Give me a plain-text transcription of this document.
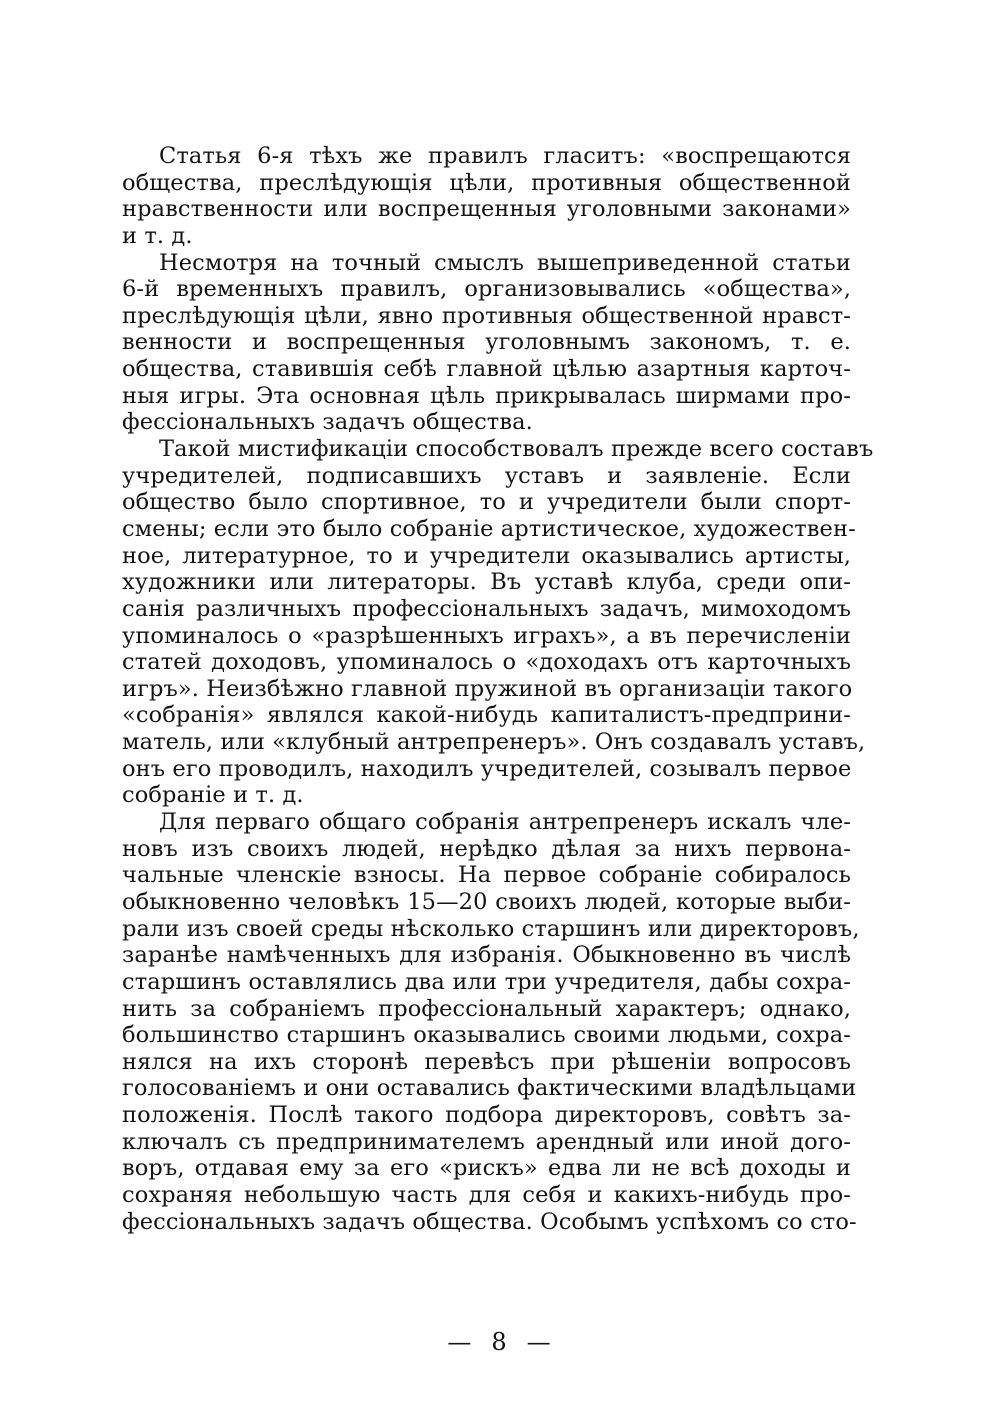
Статья 6-я тѣхъ же правилъ гласитъ: «воспрещаются
общества, преслѣдующія цѣли, противныя общественной
нравственности или воспрещенныя уголовными законами»
и т. д.
Несмотря на точный смыслъ вышеприведенной статьи
6-й временныхъ правилъ, организовывались «общества»,
преслѣдующія цѣли, явно противныя общественной нравст-
венности и воспрещенныя уголовнымъ закономъ, т. е.
общества, ставившія себѣ главной цѣлью азартныя карточ-
ныя игры. Эта основная цѣль прикрывалась ширмами про-
фессіональныхъ задачъ общества.
Такой мистификаціи способствовалъ прежде всего составъ
учредителей, подписавшихъ уставъ и заявленіе. Если
общество было спортивное, то и учредители были спорт-
смены; если это было собраніе артистическое, художествен-
ное, литературное, то и учредители оказывались артисты,
художники или литераторы. Въ уставѣ клуба, среди опи-
санія различныхъ профессіональныхъ задачъ, мимоходомъ
упоминалось о «разрѣшенныхъ играхъ», а въ перечисленіи
статей доходовъ, упоминалось о «доходахъ отъ карточныхъ
игръ». Неизбѣжно главной пружиной въ организаціи такого
«собранія» являлся какой-нибудь капиталистъ-предприни-
матель, или «клубный антрепренеръ». Онъ создавалъ уставъ,
онъ его проводилъ, находилъ учредителей, созывалъ первое
собраніе и т. д.
Для перваго общаго собранія антрепренеръ искалъ чле-
новъ изъ своихъ людей, нерѣдко дѣлая за нихъ первона-
чальные членскіе взносы. На первое собраніе собиралось
обыкновенно человѣкъ 15—20 своихъ людей, которые выби-
рали изъ своей среды нѣсколько старшинъ или директоровъ,
заранѣе намѣченныхъ для избранія. Обыкновенно въ числѣ
старшинъ оставлялись два или три учредителя, дабы сохра-
нить за собраніемъ профессіональный характеръ; однако,
большинство старшинъ оказывались своими людьми, сохра-
нялся на ихъ сторонѣ перевѣсъ при рѣшеніи вопросовъ
голосованіемъ и они оставались фактическими владѣльцами
положенія. Послѣ такого подбора директоровъ, совѣтъ за-
ключалъ съ предпринимателемъ арендный или иной дого-
воръ, отдавая ему за его «рискъ» едва ли не всѣ доходы и
сохраняя небольшую часть для себя и какихъ-нибудь про-
фессіональныхъ задачъ общества. Особымъ успѣхомъ со сто-
— 8 —
